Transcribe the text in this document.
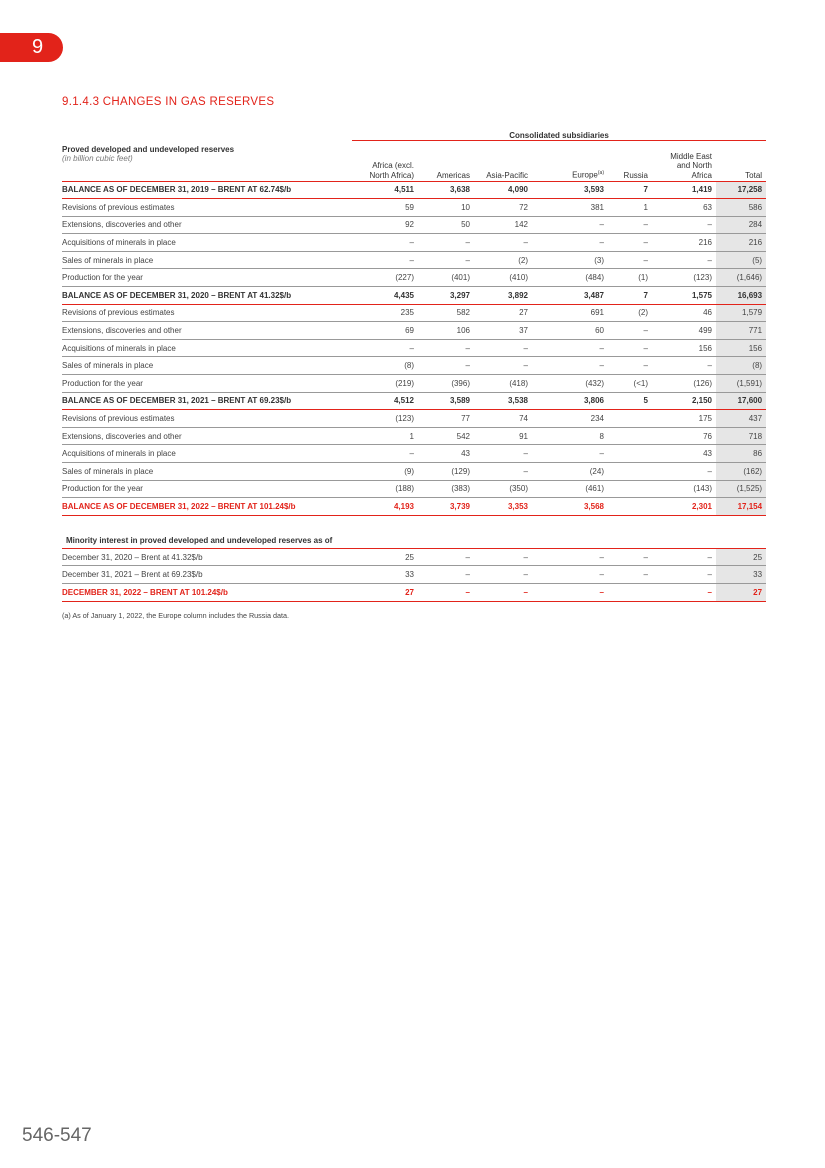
9
9.1.4.3 CHANGES IN GAS RESERVES
	Consolidated subsidiaries						

Proved developed and undeveloped reserves
(in billion cubic feet)	Africa (excl. North Africa)	Americas	Asia-Pacific	Europe$^{(a)}$	Russia	Middle East and North Africa	Total
BALANCE AS OF DECEMBER 31, 2019 – BRENT AT 62.74$/b	4,511	3,638	4,090	3,593	7	1,419	17,258
Revisions of previous estimates	59	10	72	381	1	63	586
Extensions, discoveries and other	92	50	142	–	–	–	284
Acquisitions of minerals in place	–	–	–	–	–	216	216
Sales of minerals in place	–	–	(2)	(3)	–	–	(5)
Production for the year	(227)	(401)	(410)	(484)	(1)	(123)	(1,646)
BALANCE AS OF DECEMBER 31, 2020 – BRENT AT 41.32$/b	4,435	3,297	3,892	3,487	7	1,575	16,693
Revisions of previous estimates	235	582	27	691	(2)	46	1,579
Extensions, discoveries and other	69	106	37	60	–	499	771
Acquisitions of minerals in place	–	–	–	–	–	156	156
Sales of minerals in place	(8)	–	–	–	–	–	(8)
Production for the year	(219)	(396)	(418)	(432)	(<1)	(126)	(1,591)
BALANCE AS OF DECEMBER 31, 2021 – BRENT AT 69.23$/b	4,512	3,589	3,538	3,806	5	2,150	17,600
Revisions of previous estimates	(123)	77	74	234		175	437
Extensions, discoveries and other	1	542	91	8		76	718
Acquisitions of minerals in place	–	43	–	–		43	86
Sales of minerals in place	(9)	(129)	–	(24)		–	(162)
Production for the year	(188)	(383)	(350)	(461)		(143)	(1,525)
BALANCE AS OF DECEMBER 31, 2022 – BRENT AT 101.24$/b	4,193	3,739	3,353	3,568		2,301	17,154

Minority interest in proved developed and undeveloped reserves as of							
December 31, 2020 – Brent at 41.32$/b	25	–	–	–	–	–	25
December 31, 2021 – Brent at 69.23$/b	33	–	–	–	–	–	33
DECEMBER 31, 2022 – BRENT AT 101.24$/b	27	–	–	–		–	27
(a) As of January 1, 2022, the Europe column includes the Russia data.
546-547
